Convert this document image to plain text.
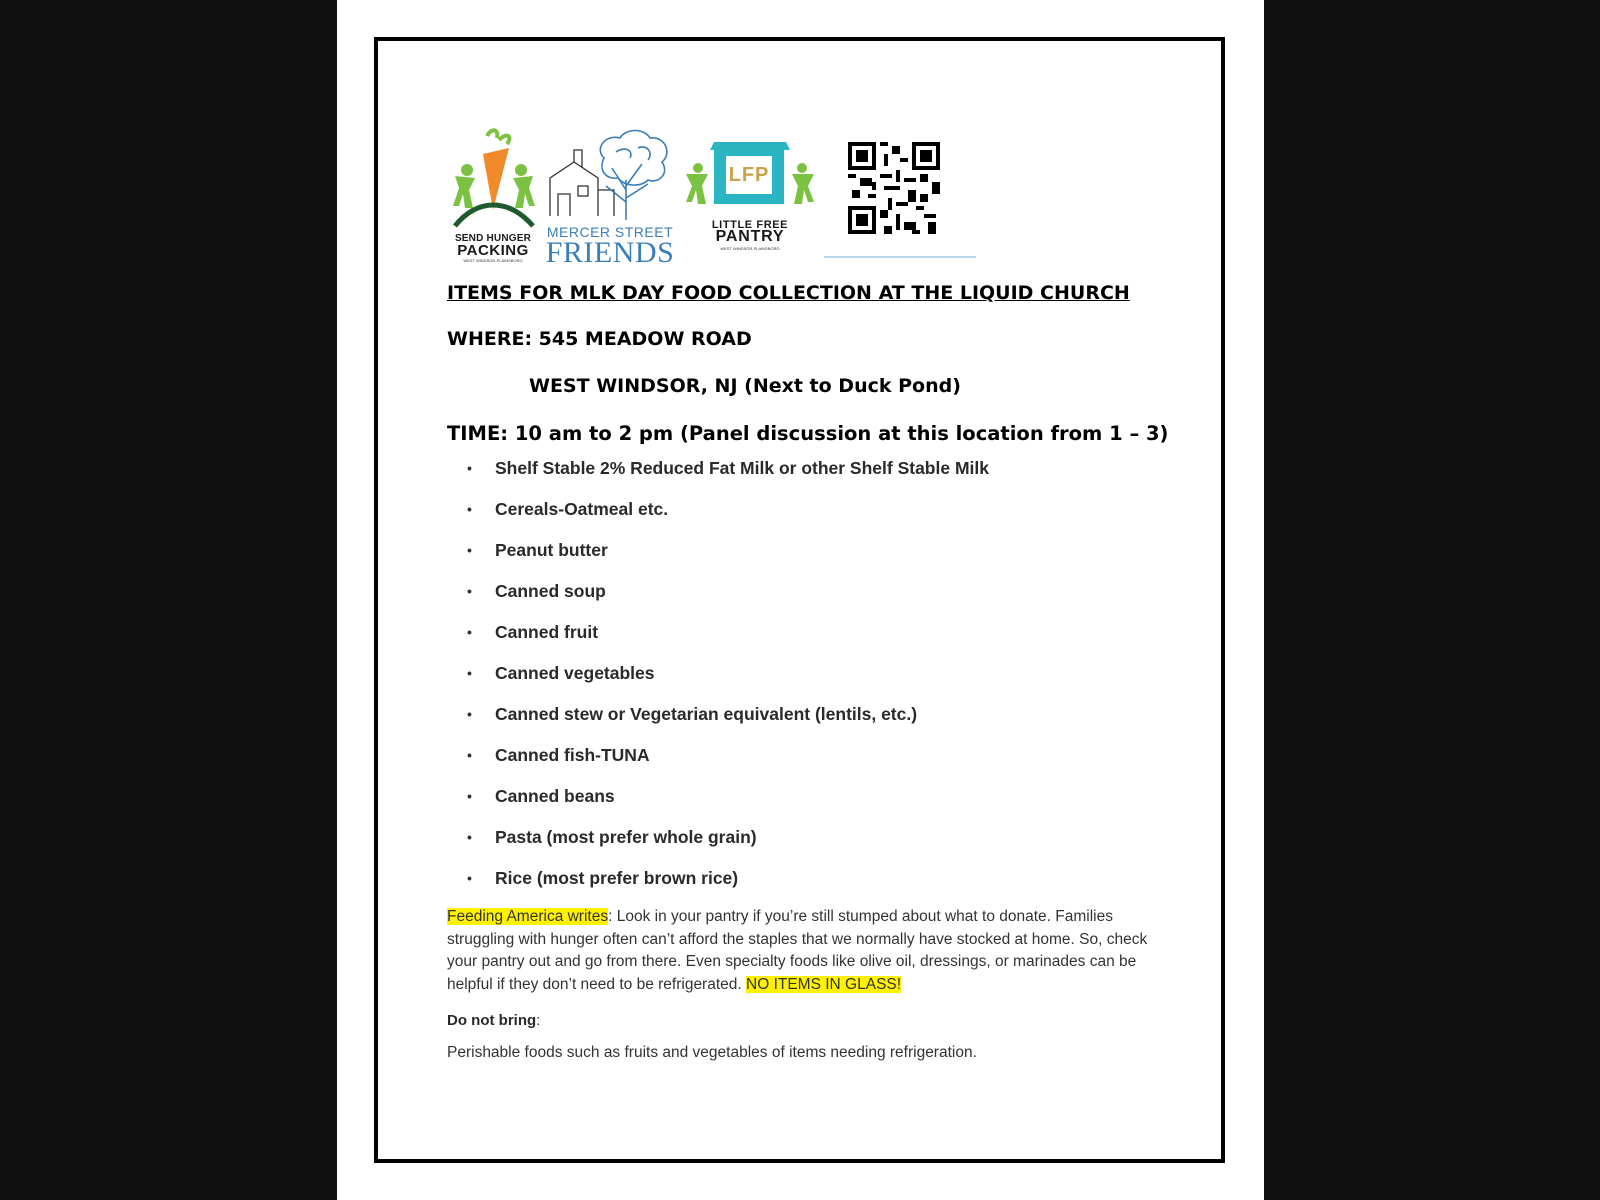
SEND HUNGER
PACKING
WEST WINDSOR-PLAINSBORO
MERCER STREET
FRIENDS
LFP
LITTLE FREE
PANTRY
WEST WINDSOR-PLAINSBORO

ITEMS FOR MLK DAY FOOD COLLECTION AT THE LIQUID CHURCH

WHERE: 545 MEADOW ROAD

WEST WINDSOR, NJ (Next to Duck Pond)

TIME: 10 am to 2 pm (Panel discussion at this location from 1 – 3)

• Shelf Stable 2% Reduced Fat Milk or other Shelf Stable Milk
• Cereals-Oatmeal etc.
• Peanut butter
• Canned soup
• Canned fruit
• Canned vegetables
• Canned stew or Vegetarian equivalent (lentils, etc.)
• Canned fish-TUNA
• Canned beans
• Pasta (most prefer whole grain)
• Rice (most prefer brown rice)

Feeding America writes: Look in your pantry if you’re still stumped about what to donate. Families struggling with hunger often can’t afford the staples that we normally have stocked at home. So, check your pantry out and go from there. Even specialty foods like olive oil, dressings, or marinades can be helpful if they don’t need to be refrigerated. NO ITEMS IN GLASS!

Do not bring:

Perishable foods such as fruits and vegetables of items needing refrigeration.
